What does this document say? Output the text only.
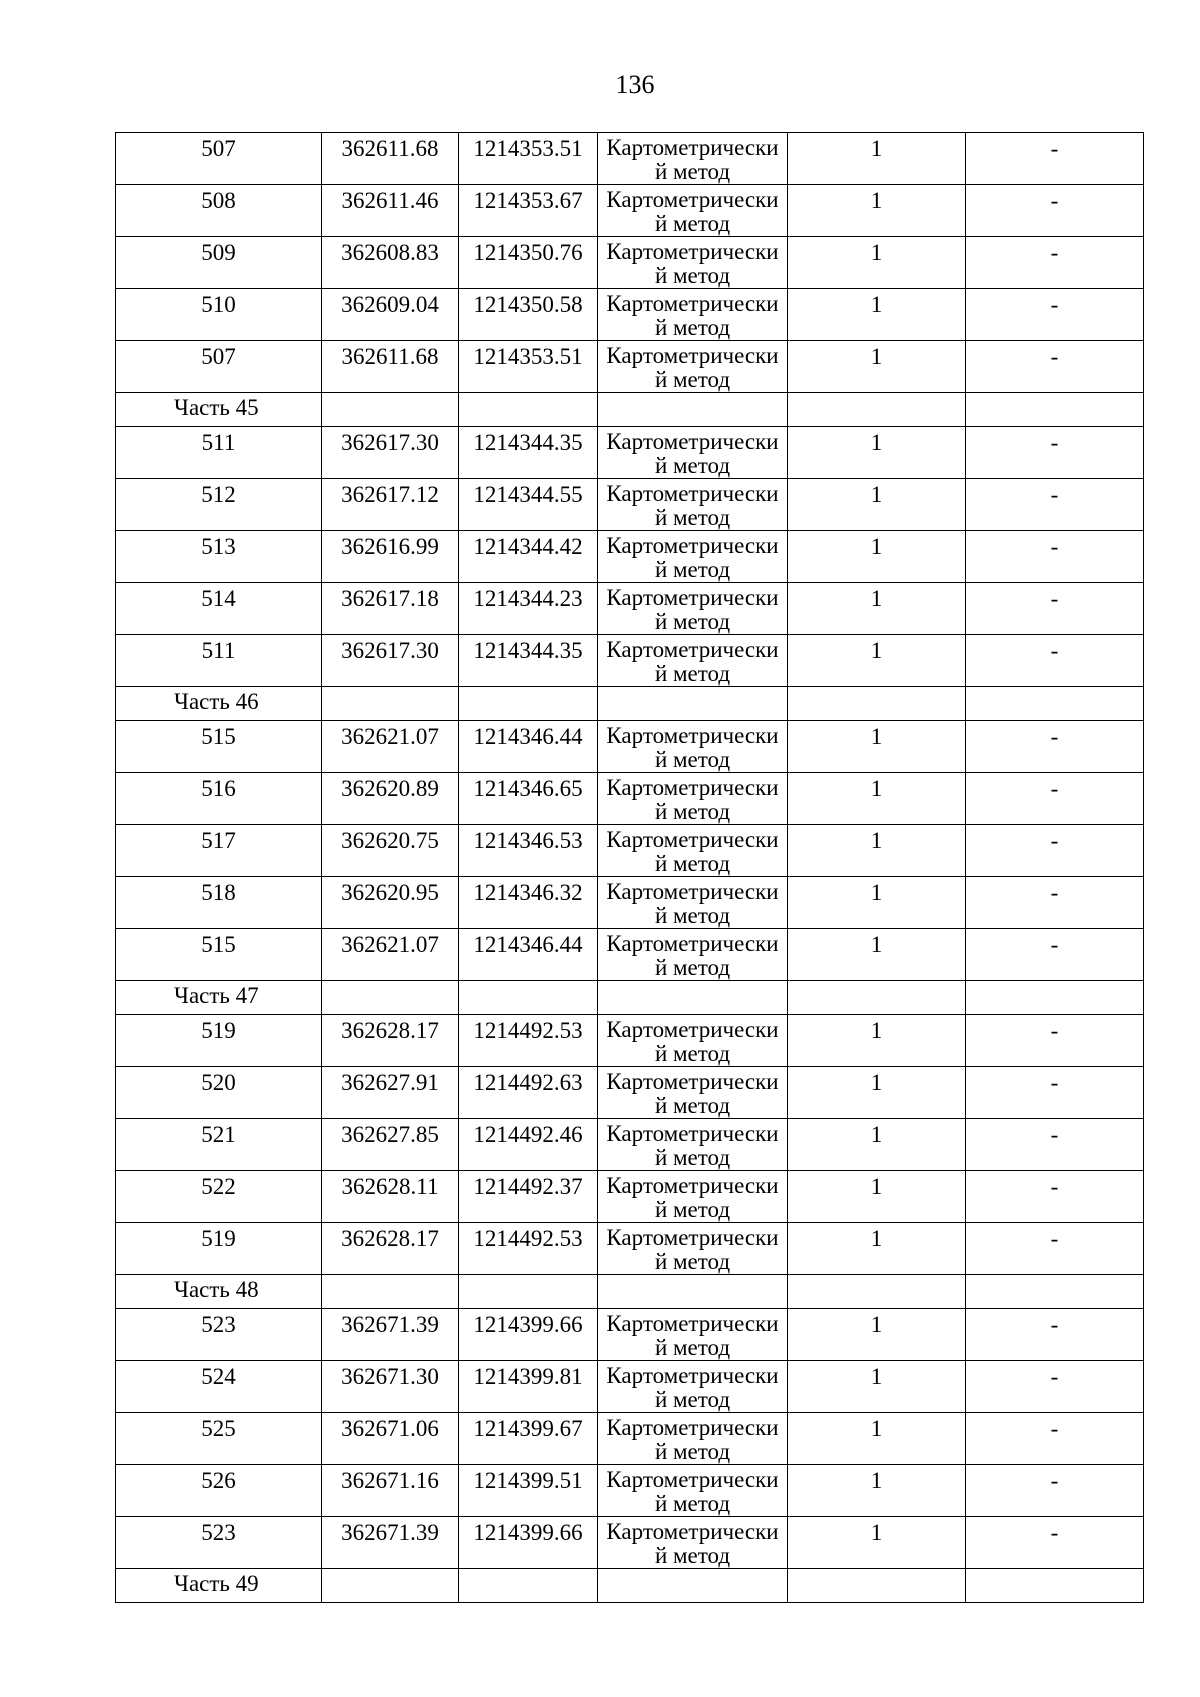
136
507	362611.68	1214353.51	Картометрически й метод	1	-

508	362611.46	1214353.67	Картометрически й метод	1	-

509	362608.83	1214350.76	Картометрически й метод	1	-

510	362609.04	1214350.58	Картометрически й метод	1	-

507	362611.68	1214353.51	Картометрически й метод	1	-

Часть 45					

511	362617.30	1214344.35	Картометрически й метод	1	-

512	362617.12	1214344.55	Картометрически й метод	1	-

513	362616.99	1214344.42	Картометрически й метод	1	-

514	362617.18	1214344.23	Картометрически й метод	1	-

511	362617.30	1214344.35	Картометрически й метод	1	-

Часть 46					

515	362621.07	1214346.44	Картометрически й метод	1	-

516	362620.89	1214346.65	Картометрически й метод	1	-

517	362620.75	1214346.53	Картометрически й метод	1	-

518	362620.95	1214346.32	Картометрически й метод	1	-

515	362621.07	1214346.44	Картометрически й метод	1	-

Часть 47					

519	362628.17	1214492.53	Картометрически й метод	1	-

520	362627.91	1214492.63	Картометрически й метод	1	-

521	362627.85	1214492.46	Картометрически й метод	1	-

522	362628.11	1214492.37	Картометрически й метод	1	-

519	362628.17	1214492.53	Картометрически й метод	1	-

Часть 48					

523	362671.39	1214399.66	Картометрически й метод	1	-

524	362671.30	1214399.81	Картометрически й метод	1	-

525	362671.06	1214399.67	Картометрически й метод	1	-

526	362671.16	1214399.51	Картометрически й метод	1	-

523	362671.39	1214399.66	Картометрически й метод	1	-

Часть 49					
